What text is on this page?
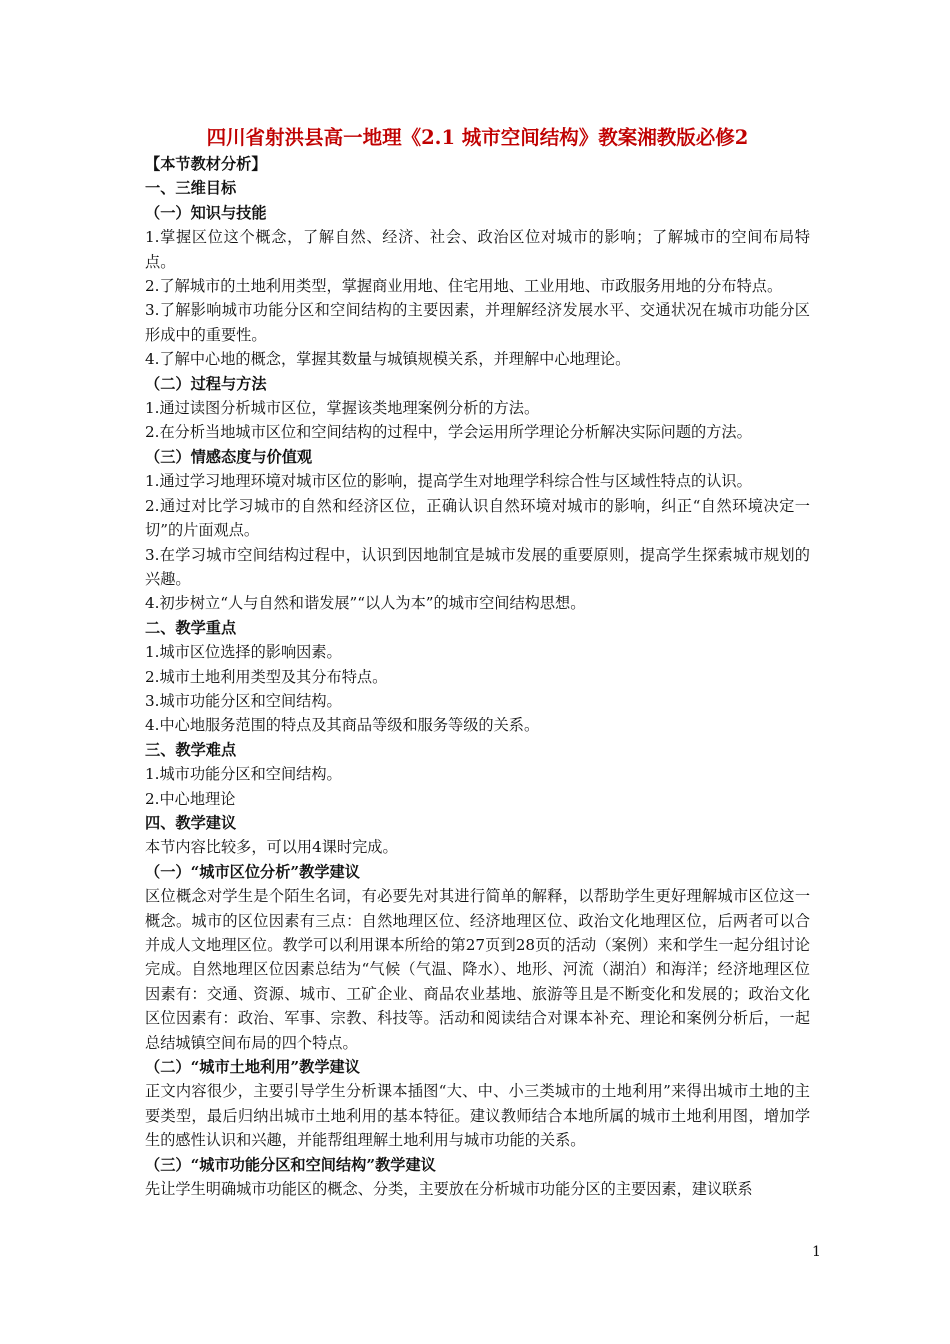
四川省射洪县高一地理《2.1 城市空间结构》教案湘教版必修2
【本节教材分析】
一、三维目标
（一）知识与技能
1.掌握区位这个概念，了解自然、经济、社会、政治区位对城市的影响；了解城市的空间布局特点。
2.了解城市的土地利用类型，掌握商业用地、住宅用地、工业用地、市政服务用地的分布特点。
3.了解影响城市功能分区和空间结构的主要因素，并理解经济发展水平、交通状况在城市功能分区形成中的重要性。
4.了解中心地的概念，掌握其数量与城镇规模关系，并理解中心地理论。
（二）过程与方法
1.通过读图分析城市区位，掌握该类地理案例分析的方法。
2.在分析当地城市区位和空间结构的过程中，学会运用所学理论分析解决实际问题的方法。
（三）情感态度与价值观
1.通过学习地理环境对城市区位的影响，提高学生对地理学科综合性与区域性特点的认识。
2.通过对比学习城市的自然和经济区位，正确认识自然环境对城市的影响，纠正“自然环境决定一切”的片面观点。
3.在学习城市空间结构过程中，认识到因地制宜是城市发展的重要原则，提高学生探索城市规划的兴趣。
4.初步树立“人与自然和谐发展”“以人为本”的城市空间结构思想。
二、教学重点
1.城市区位选择的影响因素。
2.城市土地利用类型及其分布特点。
3.城市功能分区和空间结构。
4.中心地服务范围的特点及其商品等级和服务等级的关系。
三、教学难点
1.城市功能分区和空间结构。
2.中心地理论
四、教学建议
本节内容比较多，可以用4课时完成。
（一）“城市区位分析”教学建议
区位概念对学生是个陌生名词，有必要先对其进行简单的解释，以帮助学生更好理解城市区位这一概念。城市的区位因素有三点：自然地理区位、经济地理区位、政治文化地理区位，后两者可以合并成人文地理区位。教学可以利用课本所给的第27页到28页的活动（案例）来和学生一起分组讨论完成。自然地理区位因素总结为“气候（气温、降水）、地形、河流（湖泊）和海洋；经济地理区位因素有：交通、资源、城市、工矿企业、商品农业基地、旅游等且是不断变化和发展的；政治文化区位因素有：政治、军事、宗教、科技等。活动和阅读结合对课本补充、理论和案例分析后，一起总结城镇空间布局的四个特点。
（二）“城市土地利用”教学建议
正文内容很少，主要引导学生分析课本插图“大、中、小三类城市的土地利用”来得出城市土地的主要类型，最后归纳出城市土地利用的基本特征。建议教师结合本地所属的城市土地利用图，增加学生的感性认识和兴趣，并能帮组理解土地利用与城市功能的关系。
（三）“城市功能分区和空间结构”教学建议
先让学生明确城市功能区的概念、分类，主要放在分析城市功能分区的主要因素，建议联系
1
